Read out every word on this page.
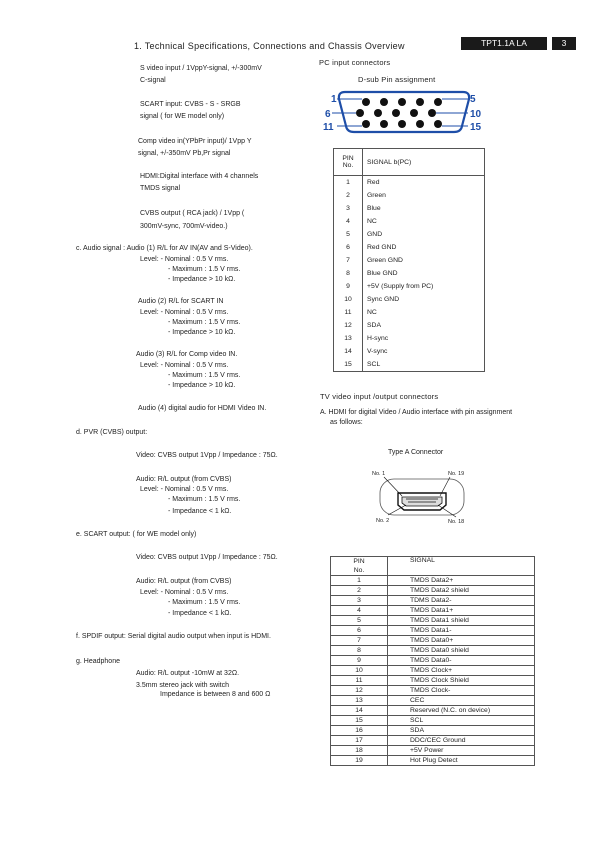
1. Technical Specifications, Connections and Chassis Overview	TPT1.1A LA	3
S video input / 1VppY-signal, +/-300mV
C-signal
SCART input: CVBS - S - SRGB
signal ( for WE model only)
Comp video in(YPbPr input)/ 1Vpp Y
signal, +/-350mV Pb,Pr signal
HDMI:Digital interface with 4 channels
TMDS signal
CVBS output ( RCA jack) / 1Vpp (
300mV-sync, 700mV-video.)
c. Audio signal : Audio (1) R/L for AV IN(AV and S-Video).
Level: - Nominal : 0.5 V rms.
- Maximum : 1.5 V rms.
- Impedance > 10 kΩ.
Audio (2) R/L for SCART IN
Level: - Nominal : 0.5 V rms.
- Maximum : 1.5 V rms.
- Impedance > 10 kΩ.
Audio (3) R/L for Comp video IN.
Level: - Nominal : 0.5 V rms.
- Maximum : 1.5 V rms.
- Impedance > 10 kΩ.
Audio (4) digital audio for HDMI Video IN.
d. PVR (CVBS) output:
Video: CVBS output 1Vpp / Impedance : 75Ω.
Audio: R/L output (from CVBS)
Level: - Nominal : 0.5 V rms.
- Maximum : 1.5 V rms.
- Impedance < 1 kΩ.
e. SCART output: ( for WE model only)
Video: CVBS output 1Vpp / Impedance : 75Ω.
Audio: R/L output (from CVBS)
Level: - Nominal : 0.5 V rms.
- Maximum : 1.5 V rms.
- Impedance < 1 kΩ.
f. SPDIF output: Serial digital audio output when input is HDMI.
g. Headphone
Audio: R/L output -10mW at 32Ω.
3.5mm stereo jack with switch
Impedance is between 8 and 600 Ω
PC input connectors
D-sub Pin assignment
1
6
11
5
10
15
PIN
No.	SIGNAL b(PC)
1	Red
2	Green
3	Blue
4	NC
5	GND
6	Red GND
7	Green GND
8	Blue GND
9	+5V (Supply from PC)
10	Sync GND
11	NC
12	SDA
13	H-sync
14	V-sync
15	SCL
TV video input /output connectors
A. HDMI for digital Video / Audio interface with pin assignment
as follows:
Type A Connector
No. 1	No. 19
No. 2	No. 18
PIN
No.	SIGNAL
1	TMDS Data2+
2	TMDS Data2 shield
3	TDMS Data2-
4	TMDS Data1+
5	TMDS Data1 shield
6	TMDS Data1-
7	TMDS Data0+
8	TMDS Data0 shield
9	TMDS Data0-
10	TMDS Clock+
11	TMDS Clock Shield
12	TMDS Clock-
13	CEC
14	Reserved (N.C. on device)
15	SCL
16	SDA
17	DDC/CEC Ground
18	+5V Power
19	Hot Plug Detect
